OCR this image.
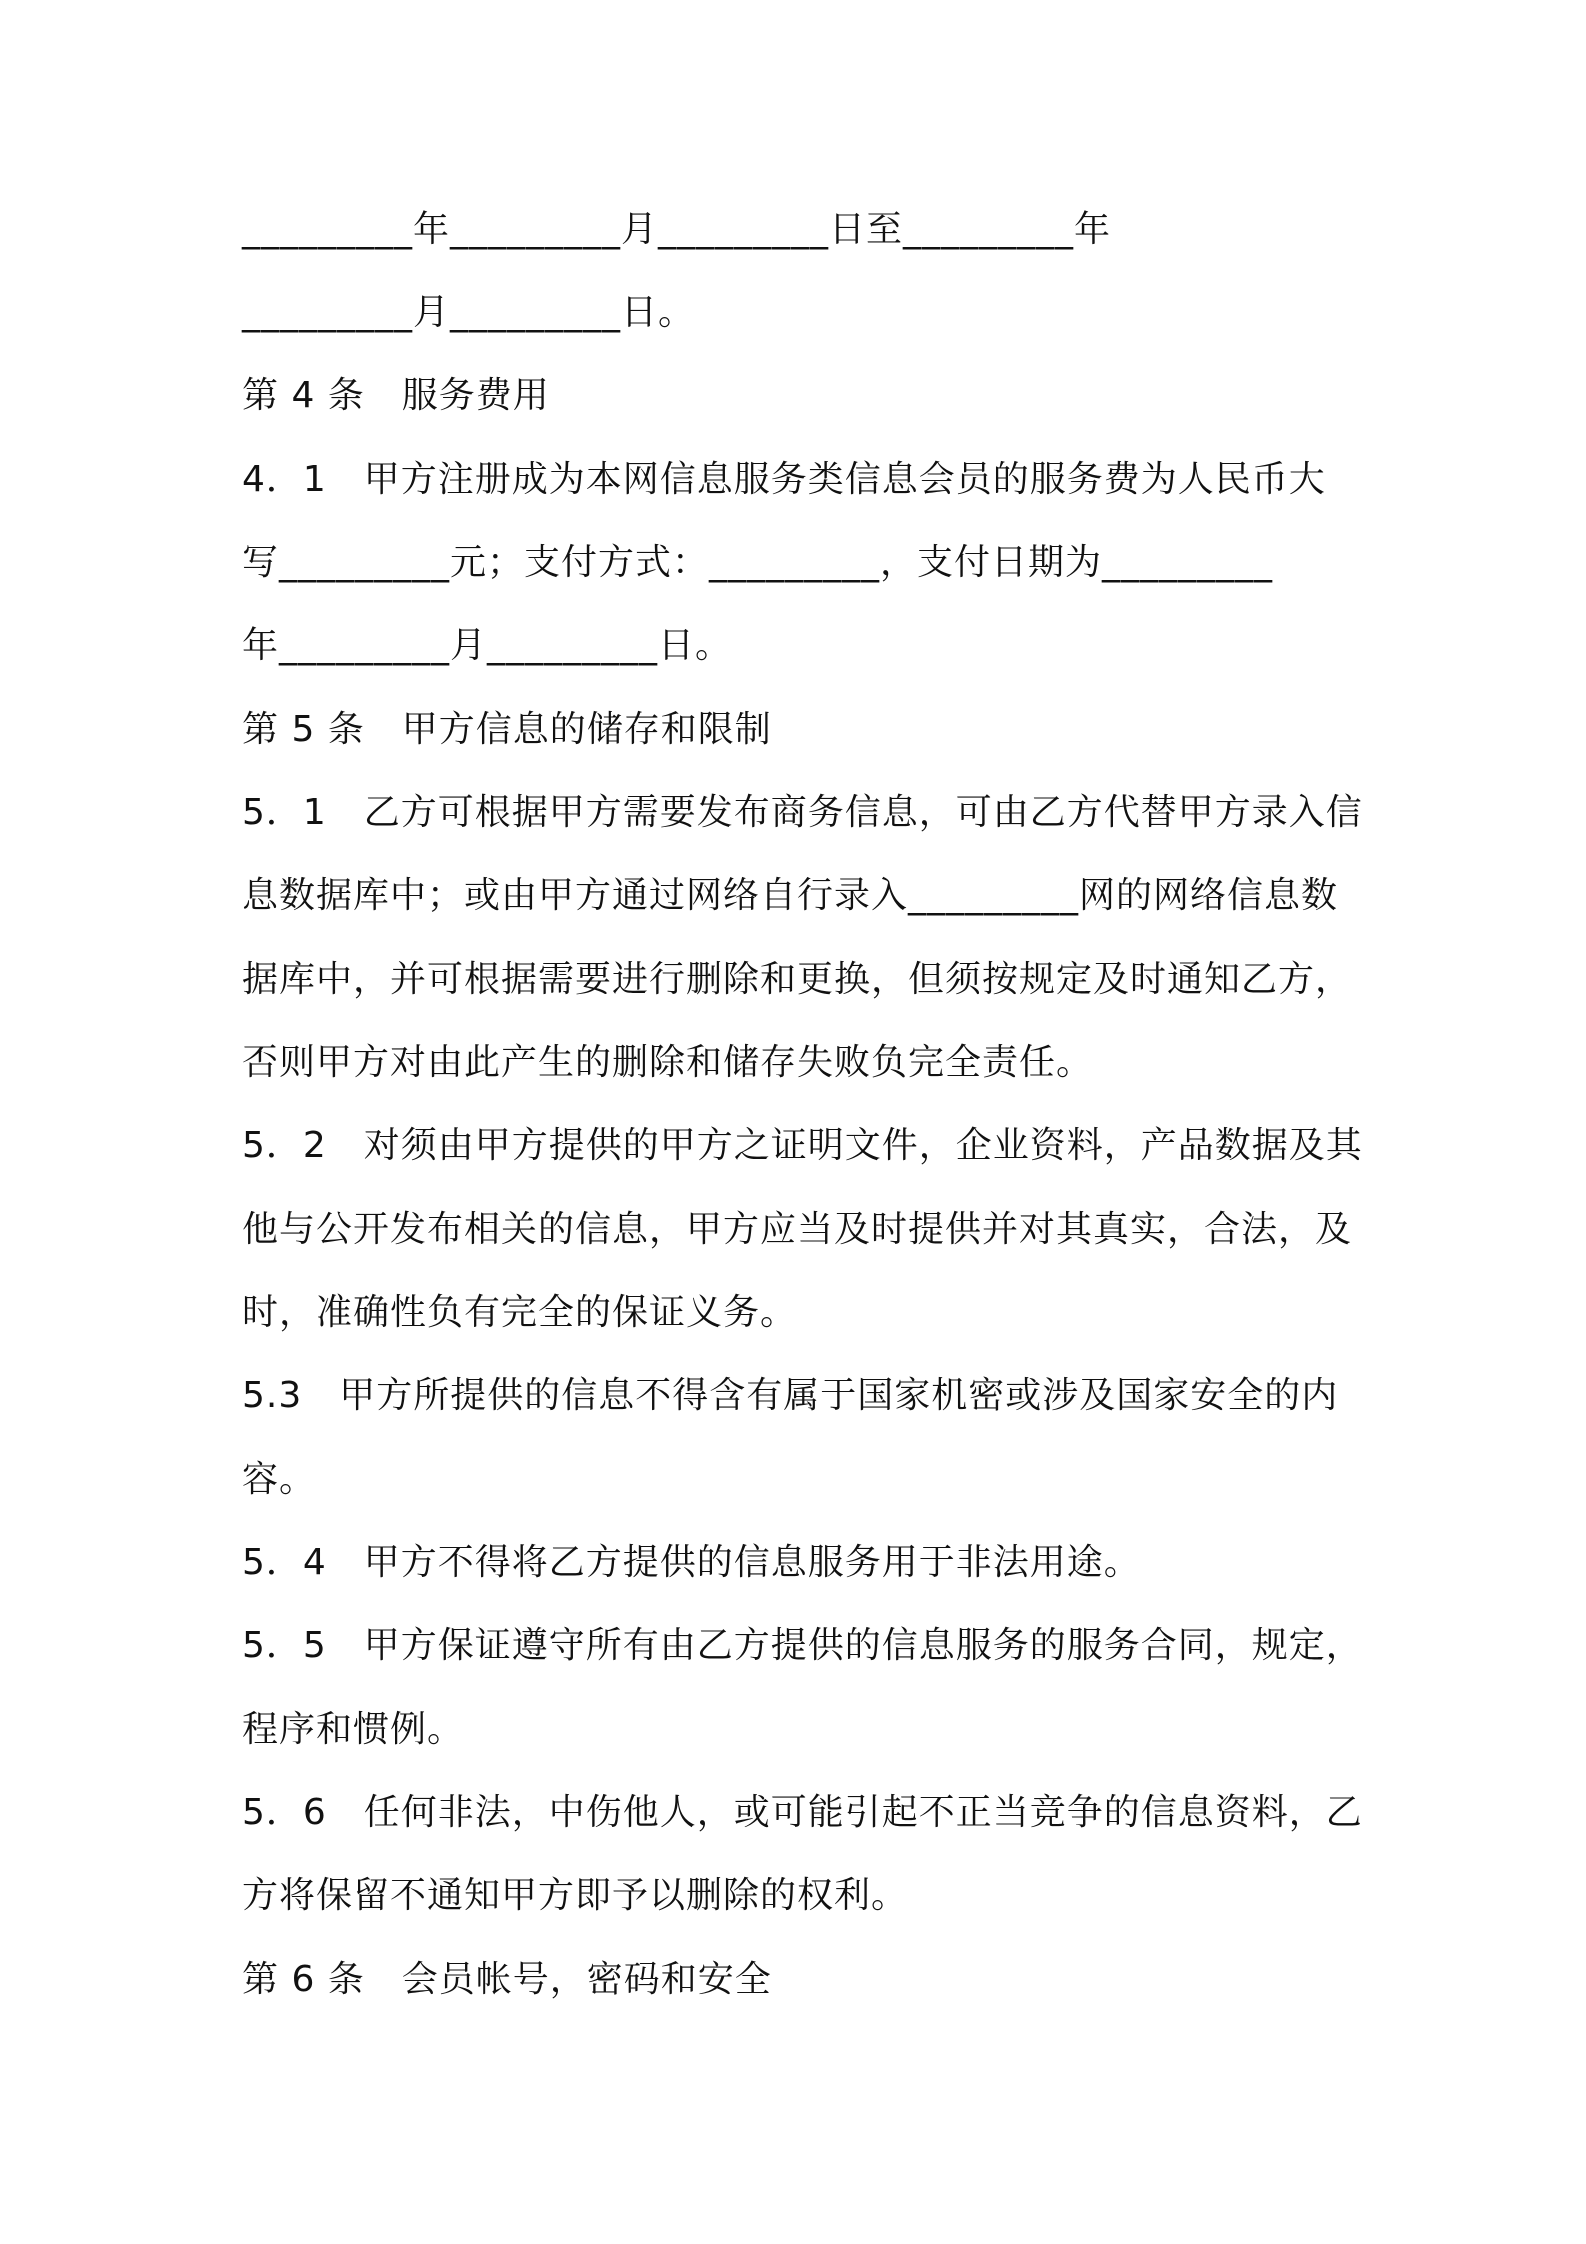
_________年_________月_________日至_________年
_________月_________日。
第 4 条　服务费用
4．1　甲方注册成为本网信息服务类信息会员的服务费为人民币大
写_________元；支付方式：_________，支付日期为_________
年_________月_________日。
第 5 条　甲方信息的储存和限制
5．1　乙方可根据甲方需要发布商务信息，可由乙方代替甲方录入信
息数据库中；或由甲方通过网络自行录入_________网的网络信息数
据库中，并可根据需要进行删除和更换，但须按规定及时通知乙方，
否则甲方对由此产生的删除和储存失败负完全责任。
5．2　对须由甲方提供的甲方之证明文件，企业资料，产品数据及其
他与公开发布相关的信息，甲方应当及时提供并对其真实，合法，及
时，准确性负有完全的保证义务。
5.3　甲方所提供的信息不得含有属于国家机密或涉及国家安全的内
容。
5．4　甲方不得将乙方提供的信息服务用于非法用途。
5．5　甲方保证遵守所有由乙方提供的信息服务的服务合同，规定，
程序和惯例。
5．6　任何非法，中伤他人，或可能引起不正当竞争的信息资料，乙
方将保留不通知甲方即予以删除的权利。
第 6 条　会员帐号，密码和安全
